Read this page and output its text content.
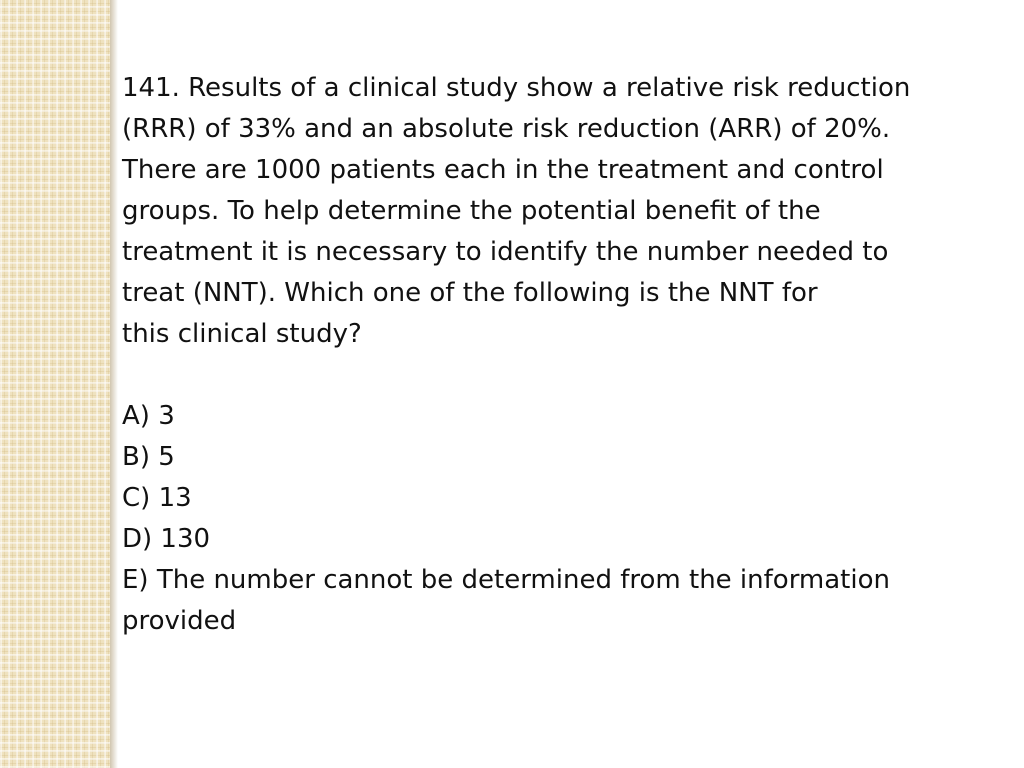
141. Results of a clinical study show a relative risk reduction

(RRR) of 33% and an absolute risk reduction (ARR) of 20%.

There are 1000 patients each in the treatment and control

groups. To help determine the potential benefit of the

treatment it is necessary to identify the number needed to

treat (NNT). Which one of the following is the NNT for

this clinical study?

A) 3
B) 5
C) 13
D) 130
E) The number cannot be determined from the information
provided
